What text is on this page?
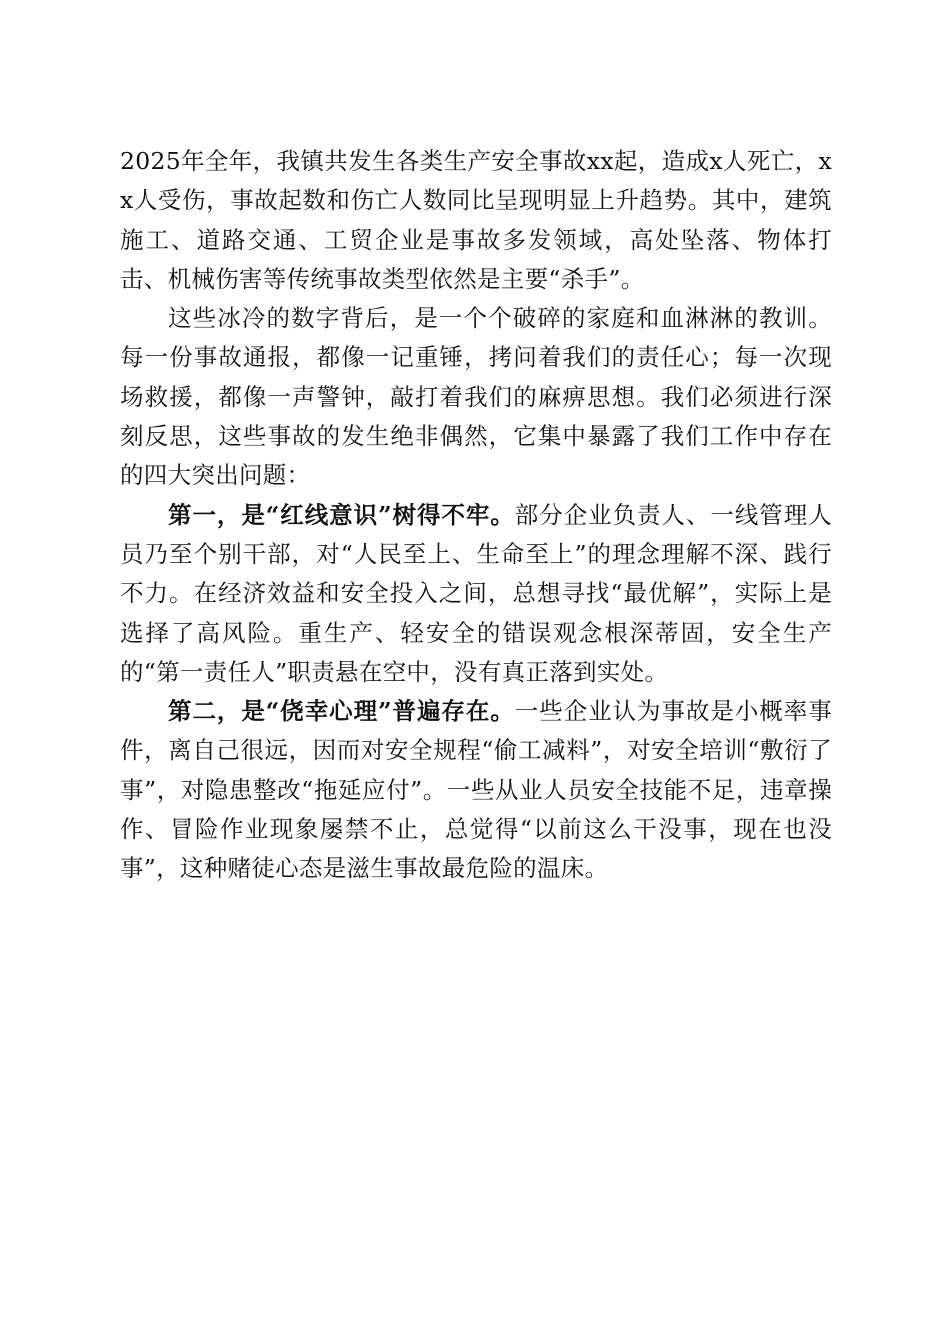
2025年全年，我镇共发生各类生产安全事故xx起，造成x人死亡，xx人受伤，事故起数和伤亡人数同比呈现明显上升趋势。其中，建筑施工、道路交通、工贸企业是事故多发领域，高处坠落、物体打击、机械伤害等传统事故类型依然是主要“杀手”。

这些冰冷的数字背后，是一个个破碎的家庭和血淋淋的教训。每一份事故通报，都像一记重锤，拷问着我们的责任心；每一次现场救援，都像一声警钟，敲打着我们的麻痹思想。我们必须进行深刻反思，这些事故的发生绝非偶然，它集中暴露了我们工作中存在的四大突出问题：

第一，是“红线意识”树得不牢。部分企业负责人、一线管理人员乃至个别干部，对“人民至上、生命至上”的理念理解不深、践行不力。在经济效益和安全投入之间，总想寻找“最优解”，实际上是选择了高风险。重生产、轻安全的错误观念根深蒂固，安全生产的“第一责任人”职责悬在空中，没有真正落到实处。

第二，是“侥幸心理”普遍存在。一些企业认为事故是小概率事件，离自己很远，因而对安全规程“偷工减料”，对安全培训“敷衍了事”，对隐患整改“拖延应付”。一些从业人员安全技能不足，违章操作、冒险作业现象屡禁不止，总觉得“以前这么干没事，现在也没事”，这种赌徒心态是滋生事故最危险的温床。
